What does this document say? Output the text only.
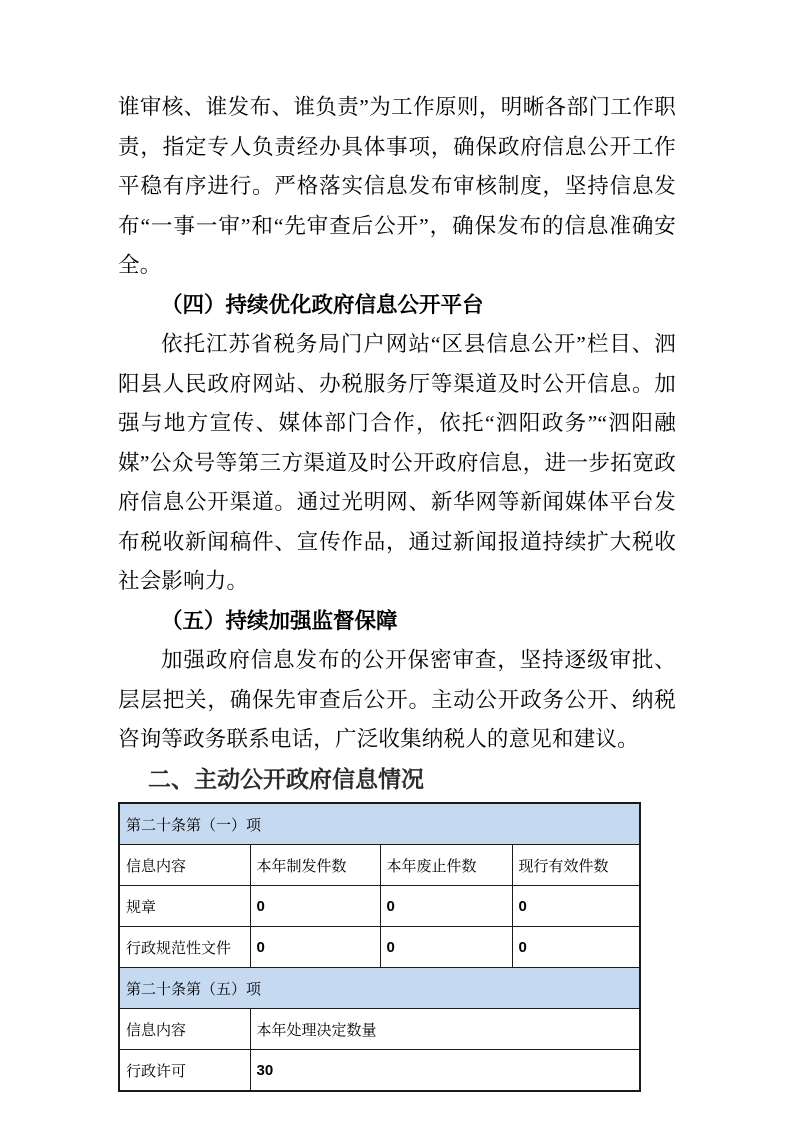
谁审核、谁发布、谁负责”为工作原则，明晰各部门工作职责，指定专人负责经办具体事项，确保政府信息公开工作平稳有序进行。严格落实信息发布审核制度，坚持信息发布“一事一审”和“先审查后公开”，确保发布的信息准确安全。

（四）持续优化政府信息公开平台

依托江苏省税务局门户网站“区县信息公开”栏目、泗阳县人民政府网站、办税服务厅等渠道及时公开信息。加强与地方宣传、媒体部门合作，依托“泗阳政务”“泗阳融媒”公众号等第三方渠道及时公开政府信息，进一步拓宽政府信息公开渠道。通过光明网、新华网等新闻媒体平台发布税收新闻稿件、宣传作品，通过新闻报道持续扩大税收社会影响力。

（五）持续加强监督保障

加强政府信息发布的公开保密审查，坚持逐级审批、层层把关，确保先审查后公开。主动公开政务公开、纳税咨询等政务联系电话，广泛收集纳税人的意见和建议。

二、主动公开政府信息情况

第二十条第（一）项			
信息内容	本年制发件数	本年废止件数	现行有效件数
规章	0	0	0
行政规范性文件	0	0	0
第二十条第（五）项			
信息内容	本年处理决定数量		
行政许可	30		
